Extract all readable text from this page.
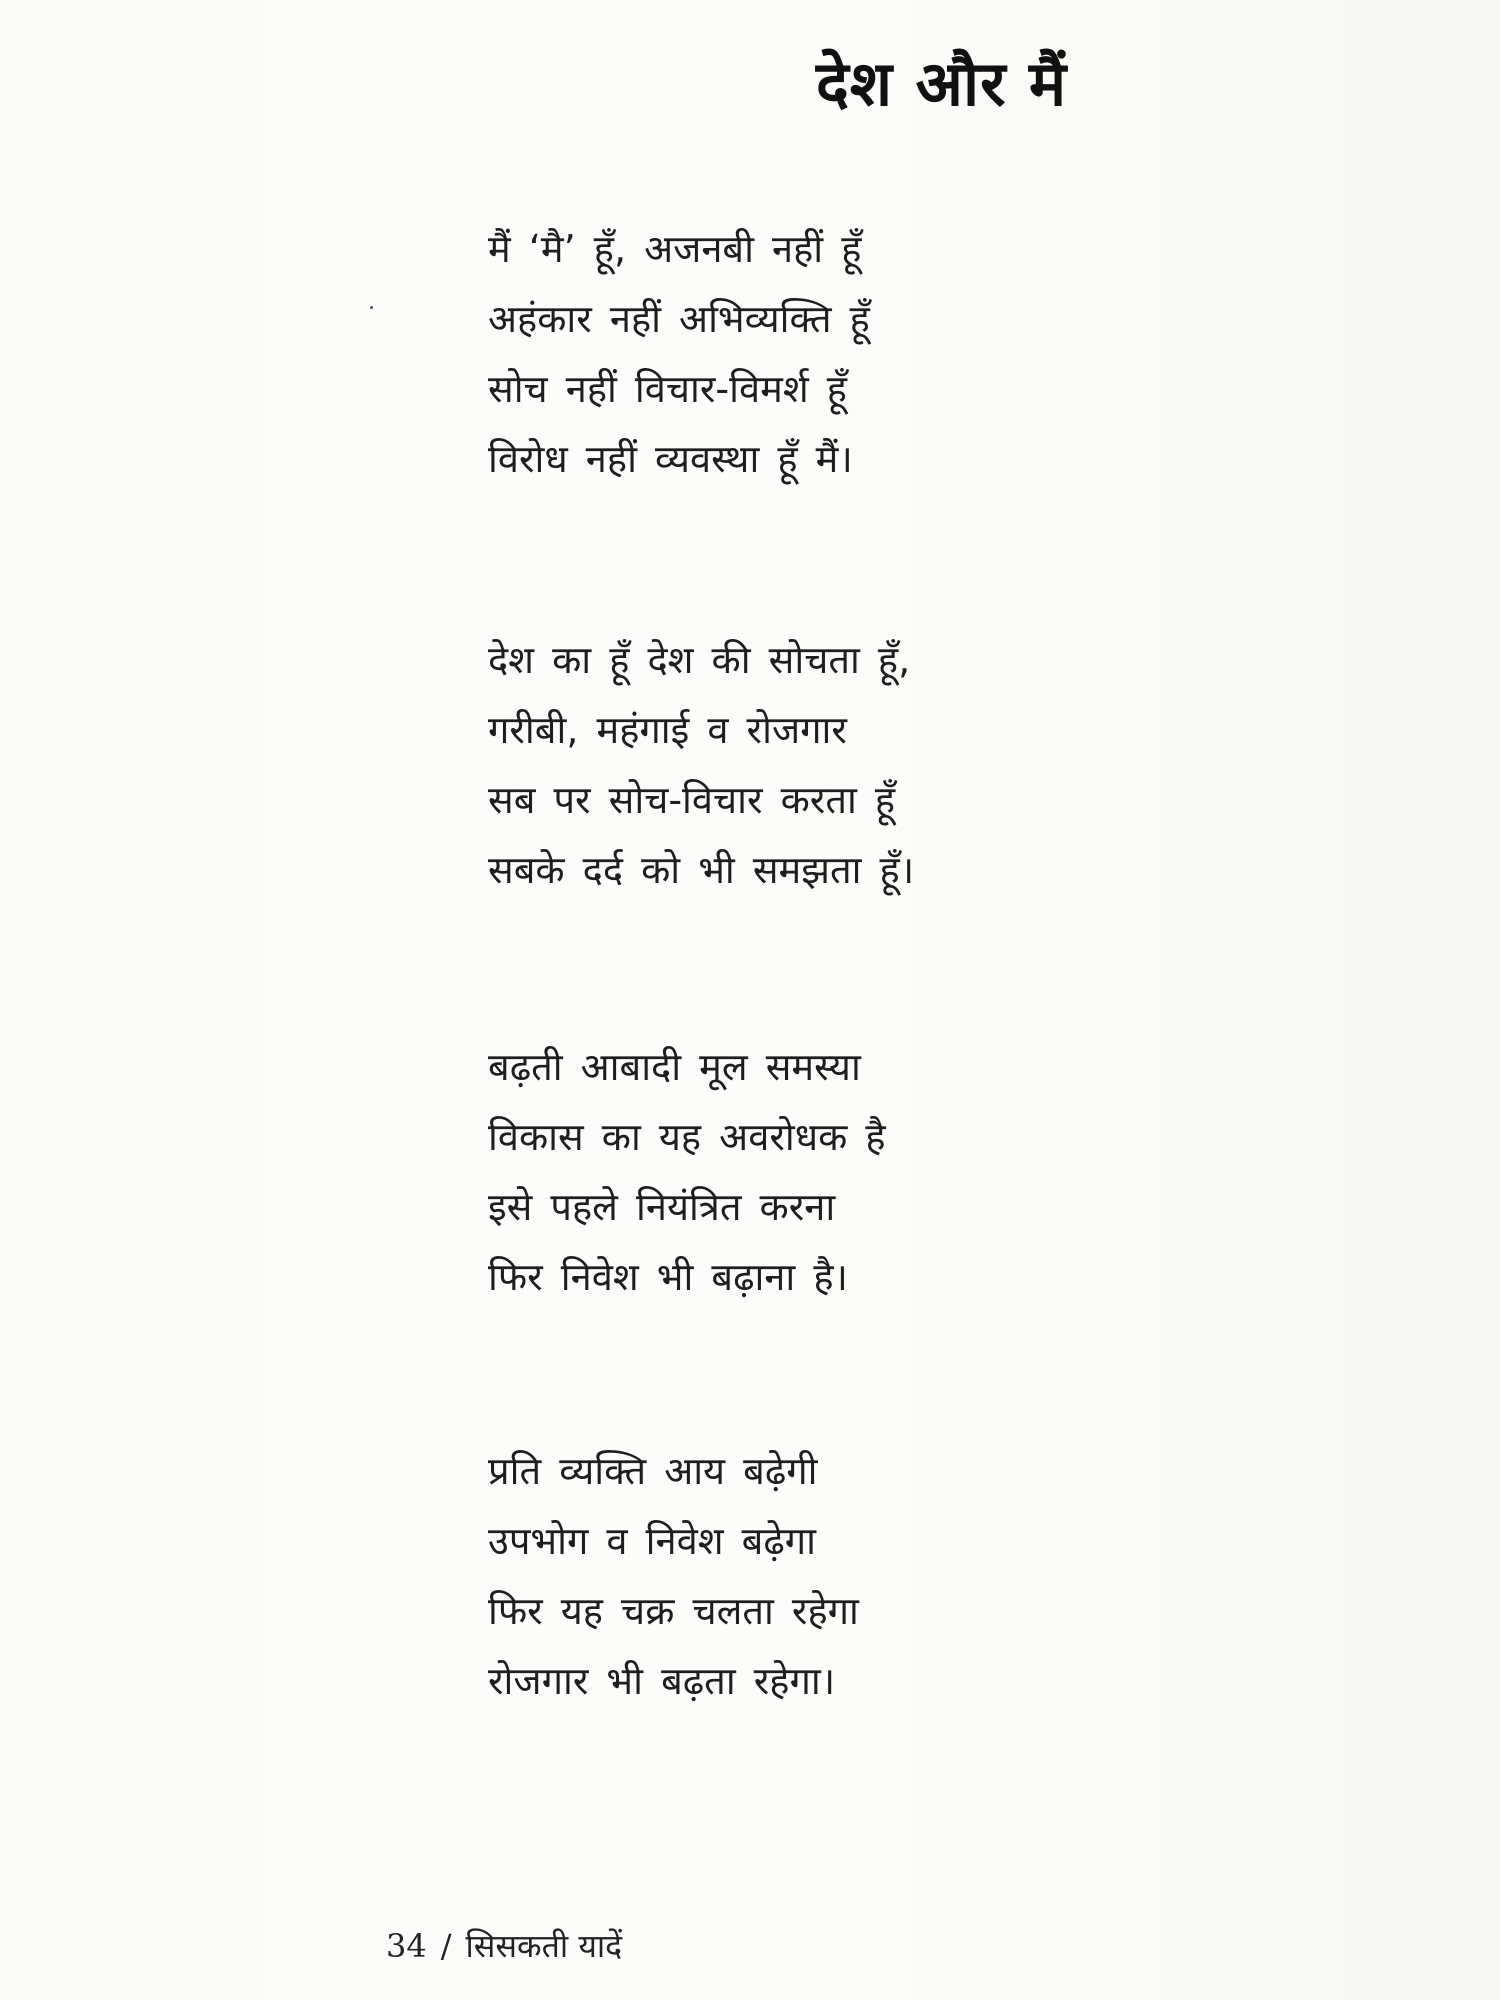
देश और मैं
मैं ‘मै’ हूँ, अजनबी नहीं हूँ
अहंकार नहीं अभिव्यक्ति हूँ
सोच नहीं विचार-विमर्श हूँ
विरोध नहीं व्यवस्था हूँ मैं।
देश का हूँ देश की सोचता हूँ,
गरीबी, महंगाई व रोजगार
सब पर सोच-विचार करता हूँ
सबके दर्द को भी समझता हूँ।
बढ़ती आबादी मूल समस्या
विकास का यह अवरोधक है
इसे पहले नियंत्रित करना
फिर निवेश भी बढ़ाना है।
प्रति व्यक्ति आय बढ़ेगी
उपभोग व निवेश बढ़ेगा
फिर यह चक्र चलता रहेगा
रोजगार भी बढ़ता रहेगा।
34 / सिसकती यादें
